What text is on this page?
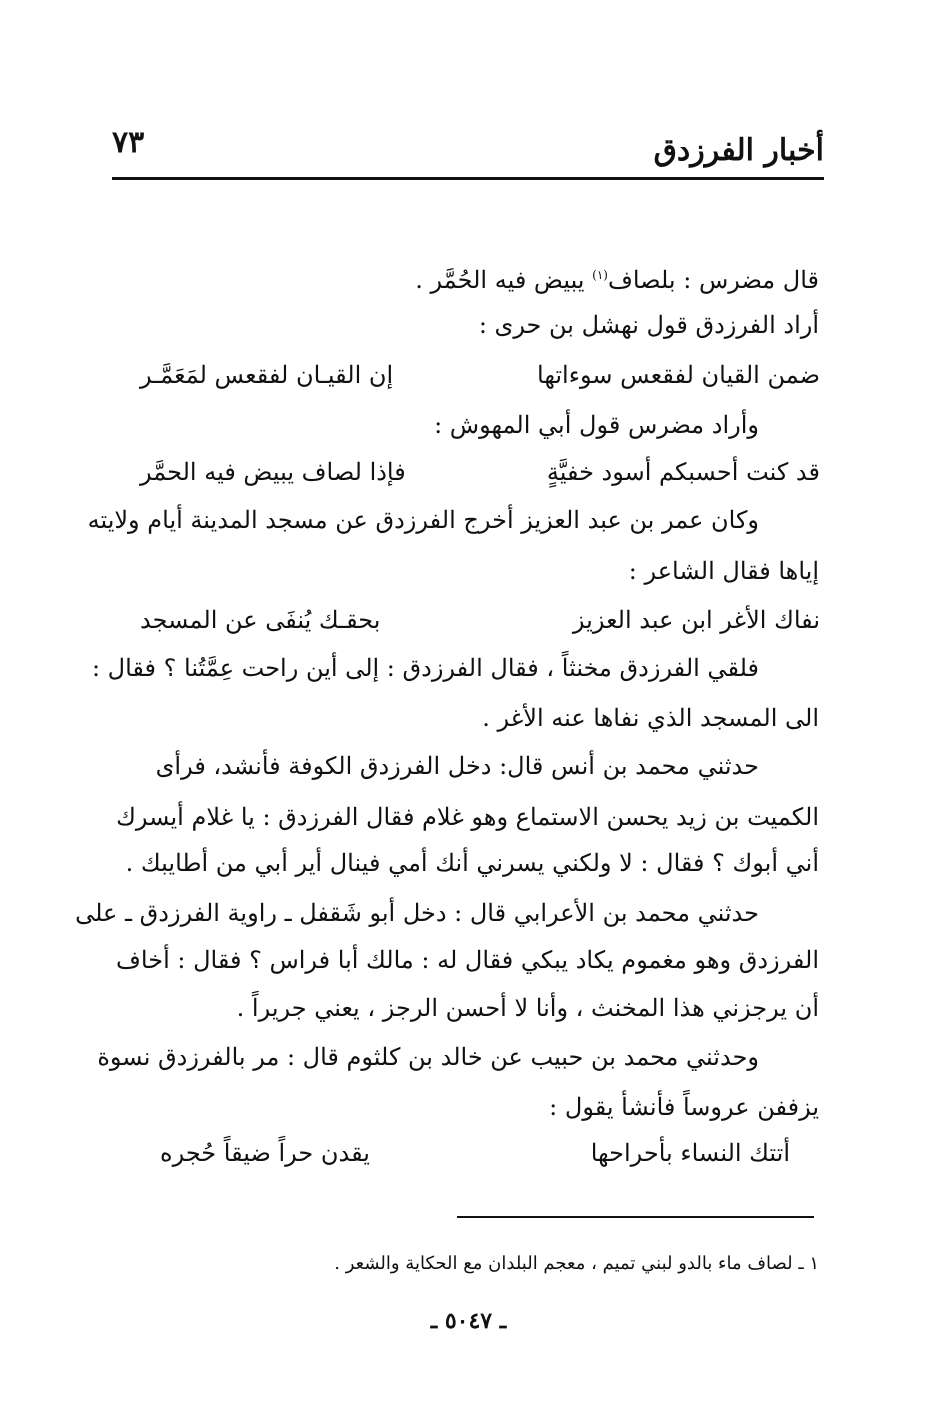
أخبار الفرزدق
٧٣
قال مضرس : بلصاف$^{(١)}$ يبيض فيه الحُمَّر .
أراد الفرزدق قول نهشل بن حرى :
ضمن القيان لفقعس سوءاتها
إن القيـان لفقعس لمَعَمَّـر
وأراد مضرس قول أبي المهوش :
قد كنت أحسبكم أسود خفيَّةٍ
فإذا لصاف يبيض فيه الحمَّر
وكان عمر بن عبد العزيز أخرج الفرزدق عن مسجد المدينة أيام ولايته
إياها فقال الشاعر :
نفاك الأغر ابن عبد العزيز
بحقـك يُنفَى عن المسجد
فلقي الفرزدق مخنثاً ، فقال الفرزدق : إلى أين راحت عِمَّتُنا ؟ فقال :
الى المسجد الذي نفاها عنه الأغر .
حدثني محمد بن أنس قال: دخل الفرزدق الكوفة فأنشد، فرأى
الكميت بن زيد يحسن الاستماع وهو غلام فقال الفرزدق : يا غلام أيسرك
أني أبوك ؟ فقال : لا ولكني يسرني أنك أمي فينال أير أبي من أطايبك .
حدثني محمد بن الأعرابي قال : دخل أبو شَقفل ـ راوية الفرزدق ـ على
الفرزدق وهو مغموم يكاد يبكي فقال له : مالك أبا فراس ؟ فقال : أخاف
أن يرجزني هذا المخنث ، وأنا لا أحسن الرجز ، يعني جريراً .
وحدثني محمد بن حبيب عن خالد بن كلثوم قال : مر بالفرزدق نسوة
يزففن عروساً فأنشأ يقول :
أتتك النساء بأحراحها
يقدن حراً ضيقاً حُجره
١ ـ لصاف ماء بالدو لبني تميم ، معجم البلدان مع الحكاية والشعر .
ـ ٥٠٤٧ ـ
